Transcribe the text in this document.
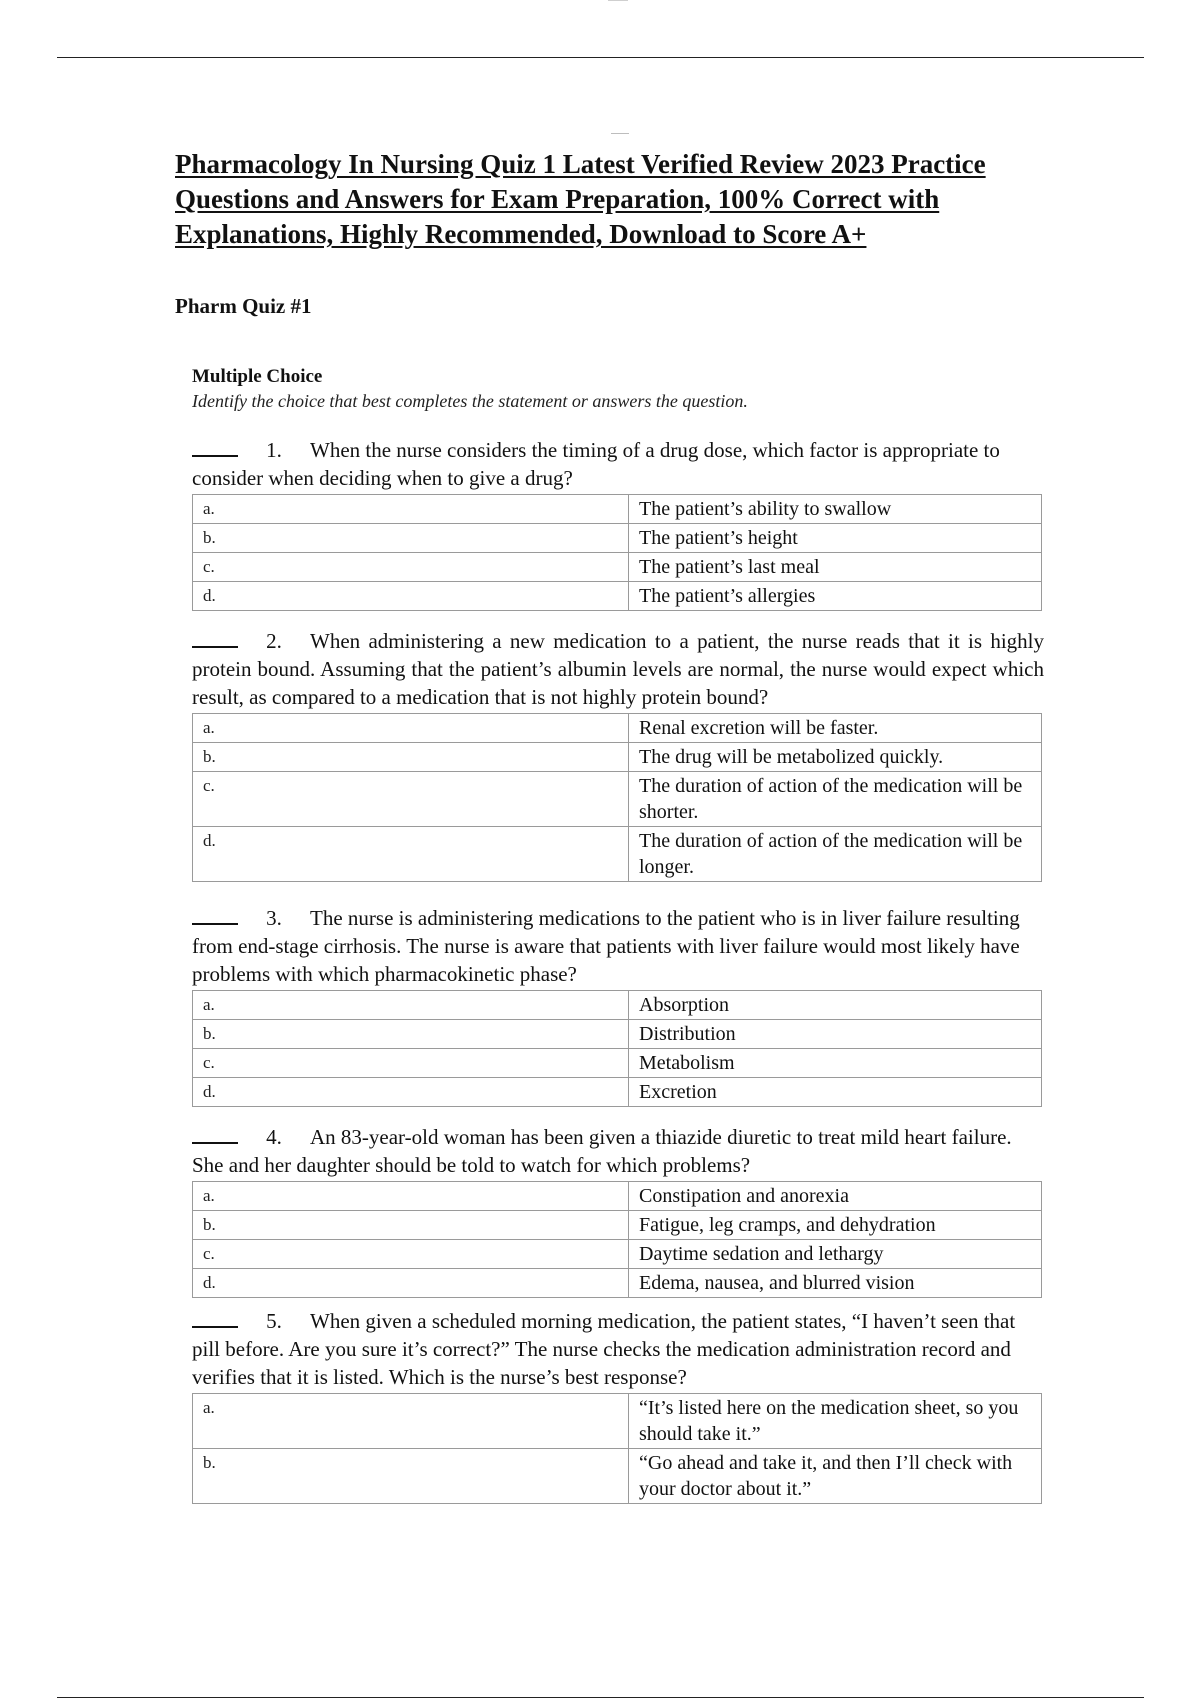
Pharmacology In Nursing Quiz 1 Latest Verified Review 2023 Practice Questions and Answers for Exam Preparation, 100% Correct with Explanations, Highly Recommended, Download to Score A+
Pharm Quiz #1

Multiple Choice

Identify the choice that best completes the statement or answers the question.

1. When the nurse considers the timing of a drug dose, which factor is appropriate to consider when deciding when to give a drug?

a.	The patient’s ability to swallow
b.	The patient’s height
c.	The patient’s last meal
d.	The patient’s allergies

2. When administering a new medication to a patient, the nurse reads that it is highly protein bound. Assuming that the patient’s albumin levels are normal, the nurse would expect which result, as compared to a medication that is not highly protein bound?

a.	Renal excretion will be faster.
b.	The drug will be metabolized quickly.
c.	The duration of action of the medication will be shorter.
d.	The duration of action of the medication will be longer.

3. The nurse is administering medications to the patient who is in liver failure resulting from end-stage cirrhosis. The nurse is aware that patients with liver failure would most likely have problems with which pharmacokinetic phase?

a.	Absorption
b.	Distribution
c.	Metabolism
d.	Excretion

4. An 83-year-old woman has been given a thiazide diuretic to treat mild heart failure. She and her daughter should be told to watch for which problems?

a.	Constipation and anorexia
b.	Fatigue, leg cramps, and dehydration
c.	Daytime sedation and lethargy
d.	Edema, nausea, and blurred vision

5. When given a scheduled morning medication, the patient states, “I haven’t seen that pill before. Are you sure it’s correct?” The nurse checks the medication administration record and verifies that it is listed. Which is the nurse’s best response?

a.	“It’s listed here on the medication sheet, so you should take it.”
b.	“Go ahead and take it, and then I’ll check with your doctor about it.”
